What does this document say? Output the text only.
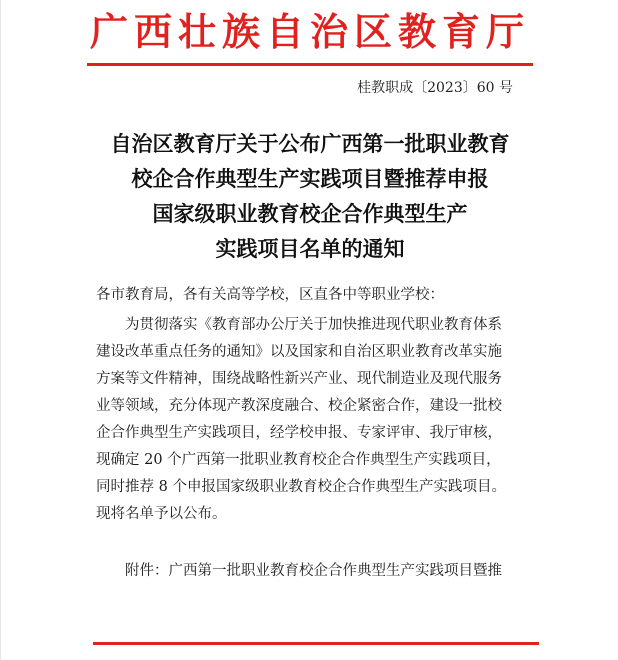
广西壮族自治区教育厅
桂教职成〔2023〕60 号
自治区教育厅关于公布广西第一批职业教育
校企合作典型生产实践项目暨推荐申报
国家级职业教育校企合作典型生产
实践项目名单的通知
各市教育局，各有关高等学校，区直各中等职业学校：
为贯彻落实《教育部办公厅关于加快推进现代职业教育体系
建设改革重点任务的通知》以及国家和自治区职业教育改革实施
方案等文件精神，围绕战略性新兴产业、现代制造业及现代服务
业等领域，充分体现产教深度融合、校企紧密合作，建设一批校
企合作典型生产实践项目，经学校申报、专家评审、我厅审核，
现确定 20 个广西第一批职业教育校企合作典型生产实践项目，
同时推荐 8 个申报国家级职业教育校企合作典型生产实践项目。
现将名单予以公布。
附件：广西第一批职业教育校企合作典型生产实践项目暨推
